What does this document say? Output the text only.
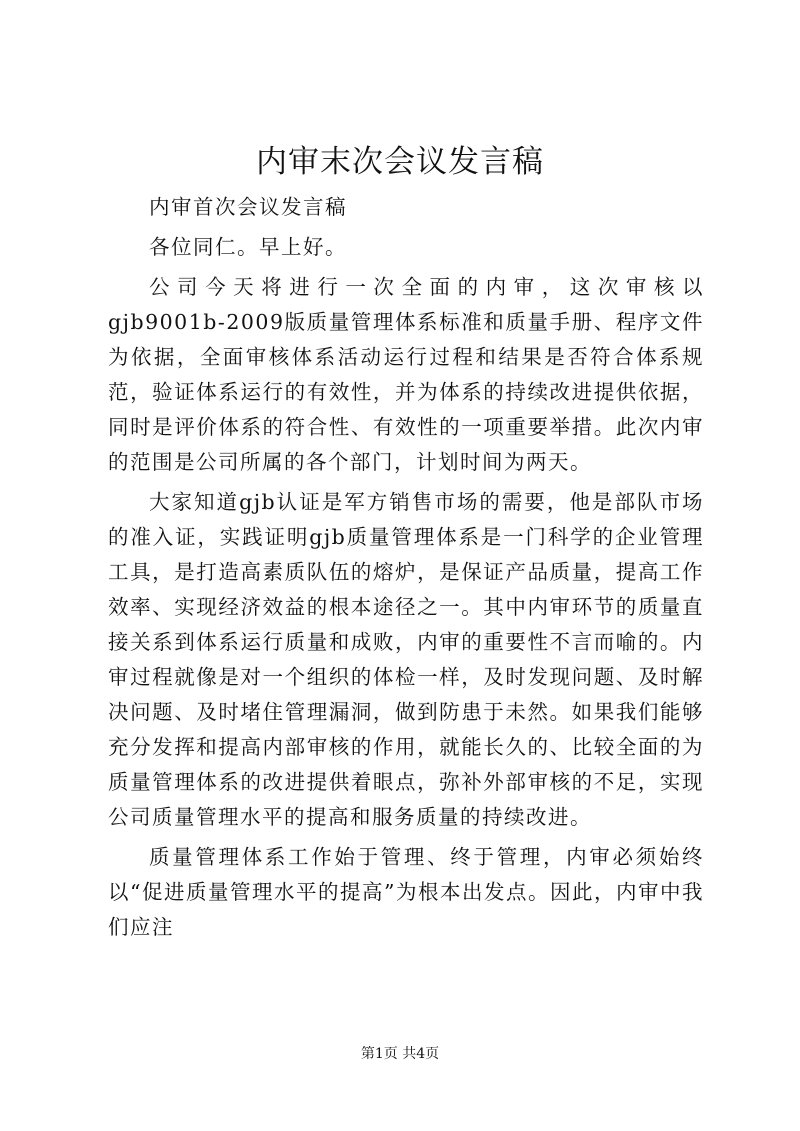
内审末次会议发言稿

内审首次会议发言稿

各位同仁。早上好。

公司今天将进行一次全面的内审，这次审核以gjb9001b-2009版质量管理体系标准和质量手册、程序文件为依据，全面审核体系活动运行过程和结果是否符合体系规范，验证体系运行的有效性，并为体系的持续改进提供依据，同时是评价体系的符合性、有效性的一项重要举措。此次内审的范围是公司所属的各个部门，计划时间为两天。

大家知道gjb认证是军方销售市场的需要，他是部队市场的准入证，实践证明gjb质量管理体系是一门科学的企业管理工具，是打造高素质队伍的熔炉，是保证产品质量，提高工作效率、实现经济效益的根本途径之一。其中内审环节的质量直接关系到体系运行质量和成败，内审的重要性不言而喻的。内审过程就像是对一个组织的体检一样，及时发现问题、及时解决问题、及时堵住管理漏洞，做到防患于未然。如果我们能够充分发挥和提高内部审核的作用，就能长久的、比较全面的为质量管理体系的改进提供着眼点，弥补外部审核的不足，实现公司质量管理水平的提高和服务质量的持续改进。

质量管理体系工作始于管理、终于管理，内审必须始终以“促进质量管理水平的提高”为根本出发点。因此，内审中我们应注

第1页 共4页
